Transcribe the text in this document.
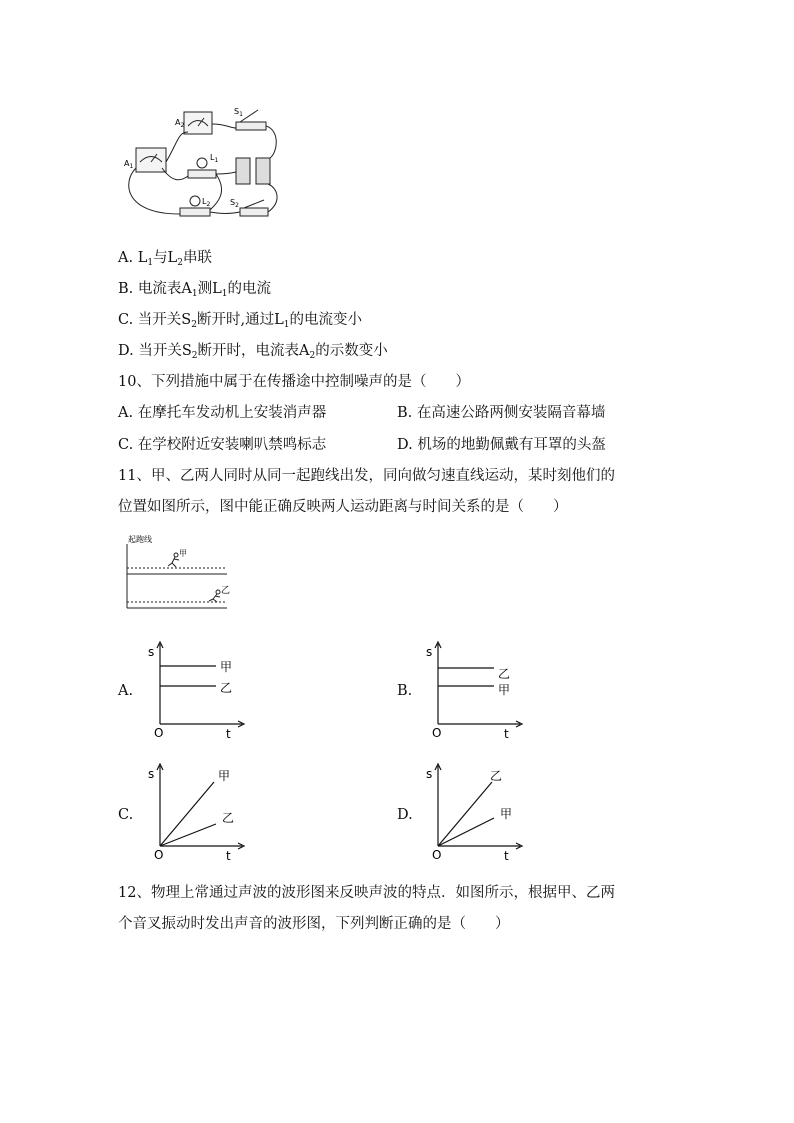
$A_2$
$A_1$
$S_1$
$L_1$
$L_2$ $S_2$
A. $L_1$与$L_2$串联
B. 电流表$A_1$测$L_1$的电流
C. 当开关$S_2$断开时,通过$L_1$的电流变小
D. 当开关$S_2$断开时，电流表$A_2$的示数变小
10、下列措施中属于在传播途中控制噪声的是（　　）
A. 在摩托车发动机上安装消声器	B. 在高速公路两侧安装隔音幕墙
C. 在学校附近安装喇叭禁鸣标志	D. 机场的地勤佩戴有耳罩的头盔
11、甲、乙两人同时从同一起跑线出发，同向做匀速直线运动，某时刻他们的
位置如图所示，图中能正确反映两人运动距离与时间关系的是（　　）
起跑线
甲
乙
A.
s
t
O
甲
乙	B.
s
t
O
乙
甲
C.
s
t
O
甲
乙	D.
s
t
O
乙
甲
12、物理上常通过声波的波形图来反映声波的特点．如图所示，根据甲、乙两
个音叉振动时发出声音的波形图，下列判断正确的是（　　）
